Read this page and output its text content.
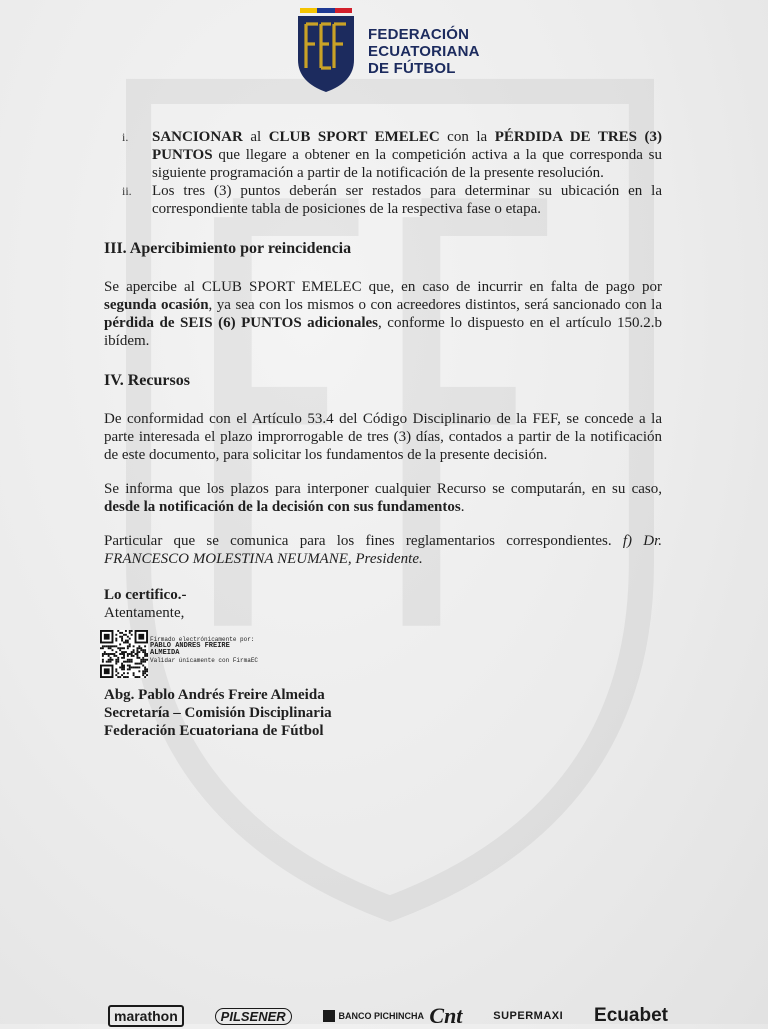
FEDERACIÓN
ECUATORIANA
DE FÚTBOL
i.	SANCIONAR al CLUB SPORT EMELEC con la PÉRDIDA DE TRES (3) PUNTOS que llegare a obtener en la competición activa a la que corresponda su siguiente programación a partir de la notificación de la presente resolución.
ii.	Los tres (3) puntos deberán ser restados para determinar su ubicación en la correspondiente tabla de posiciones de la respectiva fase o etapa.
III. Apercibimiento por reincidencia

Se apercibe al CLUB SPORT EMELEC que, en caso de incurrir en falta de pago por segunda ocasión, ya sea con los mismos o con acreedores distintos, será sancionado con la pérdida de SEIS (6) PUNTOS adicionales, conforme lo dispuesto en el artículo 150.2.b ibídem.

IV. Recursos

De conformidad con el Artículo 53.4 del Código Disciplinario de la FEF, se concede a la parte interesada el plazo improrrogable de tres (3) días, contados a partir de la notificación de este documento, para solicitar los fundamentos de la presente decisión.

Se informa que los plazos para interponer cualquier Recurso se computarán, en su caso, desde la notificación de la decisión con sus fundamentos.

Particular que se comunica para los fines reglamentarios correspondientes. f) Dr. FRANCESCO MOLESTINA NEUMANE, Presidente.

Lo certifico.-
Atentamente,
Firmado electrónicamente por:
PABLO ANDRES FREIRE
ALMEIDA
Validar únicamente con FirmaEC
Abg. Pablo Andrés Freire Almeida
Secretaría – Comisión Disciplinaria
Federación Ecuatoriana de Fútbol
marathon	PILSENER	BANCO PICHINCHA Cnt	SUPERMAXI Ecuabet
